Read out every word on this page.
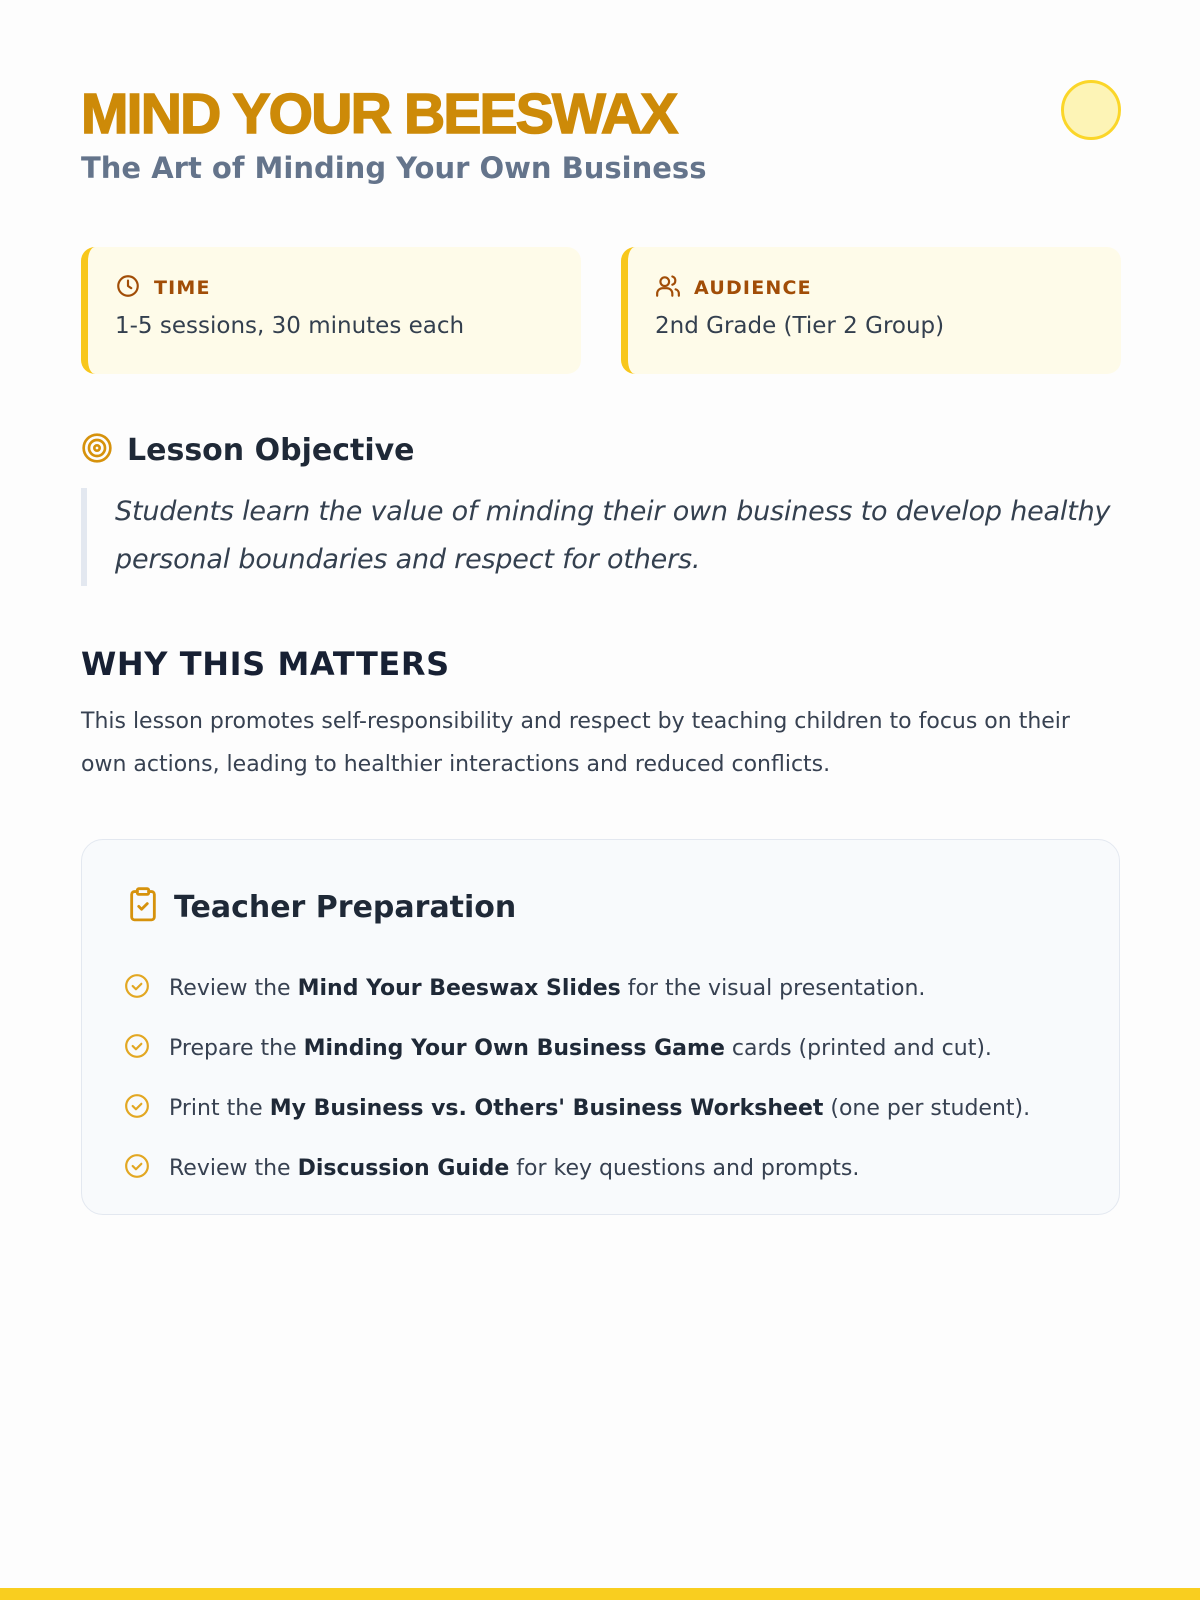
MIND YOUR BEESWAX
The Art of Minding Your Own Business
TIME
1-5 sessions, 30 minutes each
AUDIENCE
2nd Grade (Tier 2 Group)
Lesson Objective

Students learn the value of minding their own business to develop healthy personal boundaries and respect for others.

WHY THIS MATTERS

This lesson promotes self-responsibility and respect by teaching children to focus on their own actions, leading to healthier interactions and reduced conflicts.

Teacher Preparation
Review the Mind Your Beeswax Slides for the visual presentation.
Prepare the Minding Your Own Business Game cards (printed and cut).
Print the My Business vs. Others' Business Worksheet (one per student).
Review the Discussion Guide for key questions and prompts.
